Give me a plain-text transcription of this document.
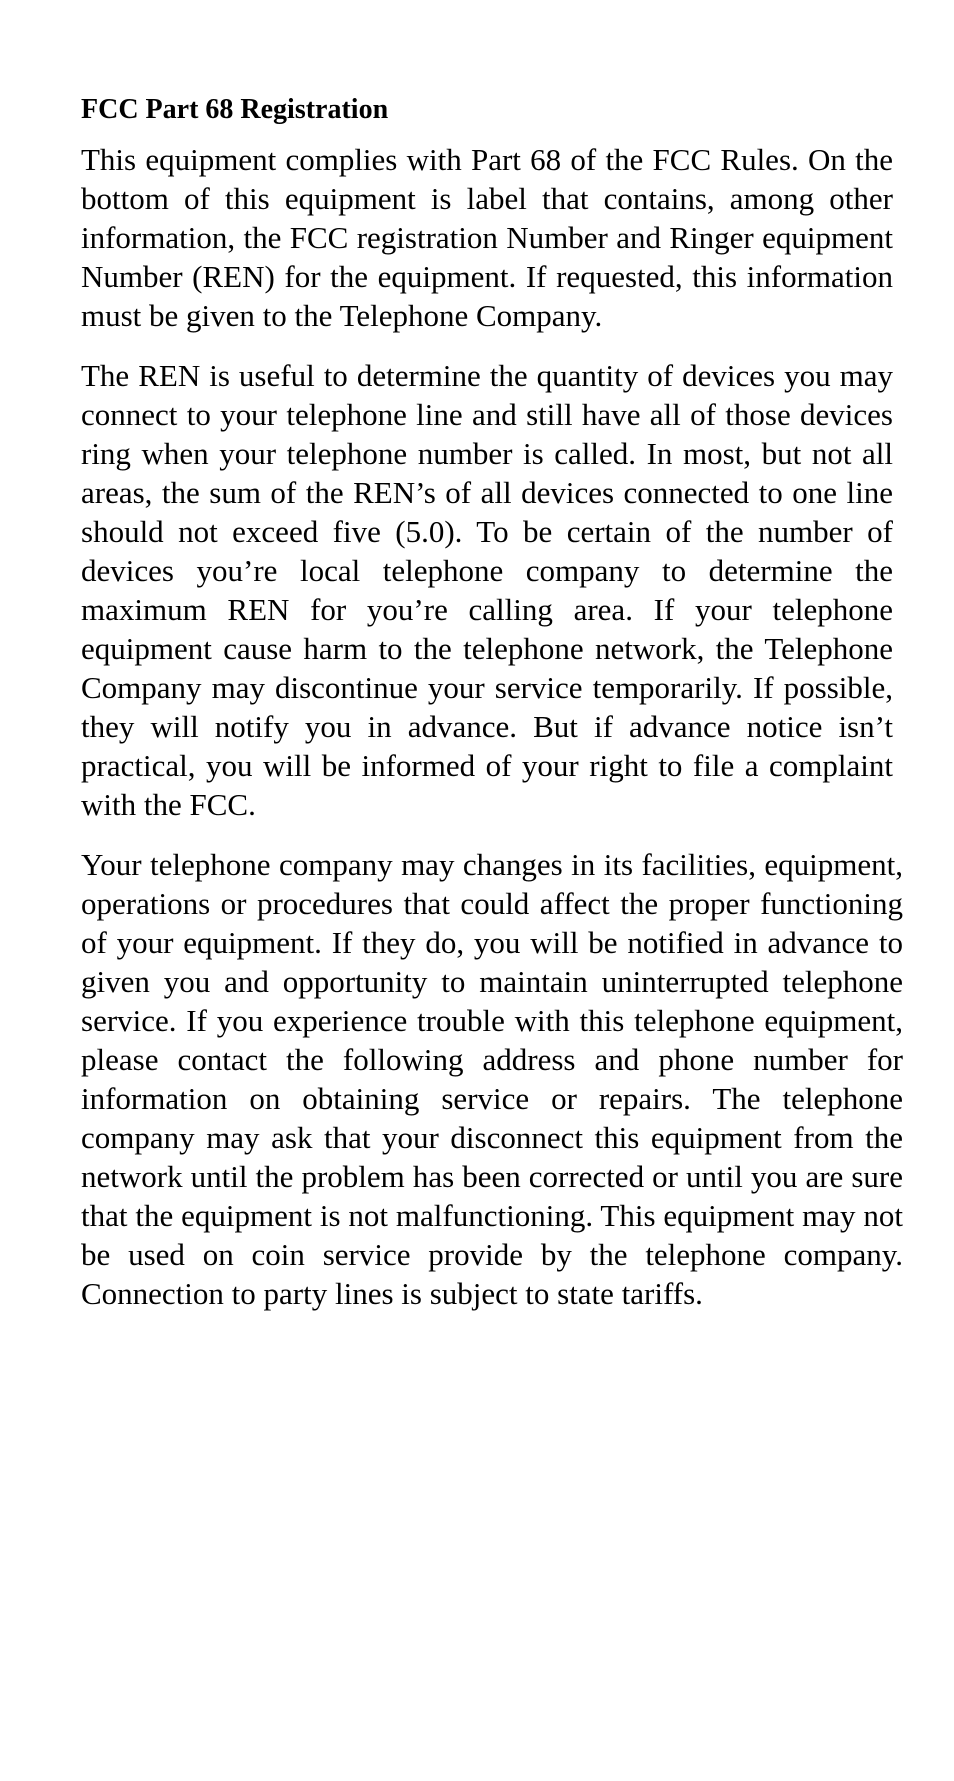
FCC Part 68 Registration

This equipment complies with Part 68 of the FCC Rules. On the bottom of this equipment is label that contains, among other information, the FCC registration Number and Ringer equipment Number (REN) for the equipment. If requested, this information must be given to the Telephone Company.

The REN is useful to determine the quantity of devices you may connect to your telephone line and still have all of those devices ring when your telephone number is called. In most, but not all areas, the sum of the REN’s of all devices connected to one line should not exceed five (5.0). To be certain of the number of devices you’re local telephone company to determine the maximum REN for you’re calling area. If your telephone equipment cause harm to the telephone network, the Telephone Company may discontinue your service temporarily. If possible, they will notify you in advance. But if advance notice isn’t practical, you will be informed of your right to file a complaint with the FCC.

Your telephone company may changes in its facilities, equipment, operations or procedures that could affect the proper functioning of your equipment. If they do, you will be notified in advance to given you and opportunity to maintain uninterrupted telephone service. If you experience trouble with this telephone equipment, please contact the following address and phone number for information on obtaining service or repairs. The telephone company may ask that your disconnect this equipment from the network until the problem has been corrected or until you are sure that the equipment is not malfunctioning. This equipment may not be used on coin service provide by the telephone company. Connection to party lines is subject to state tariffs.
